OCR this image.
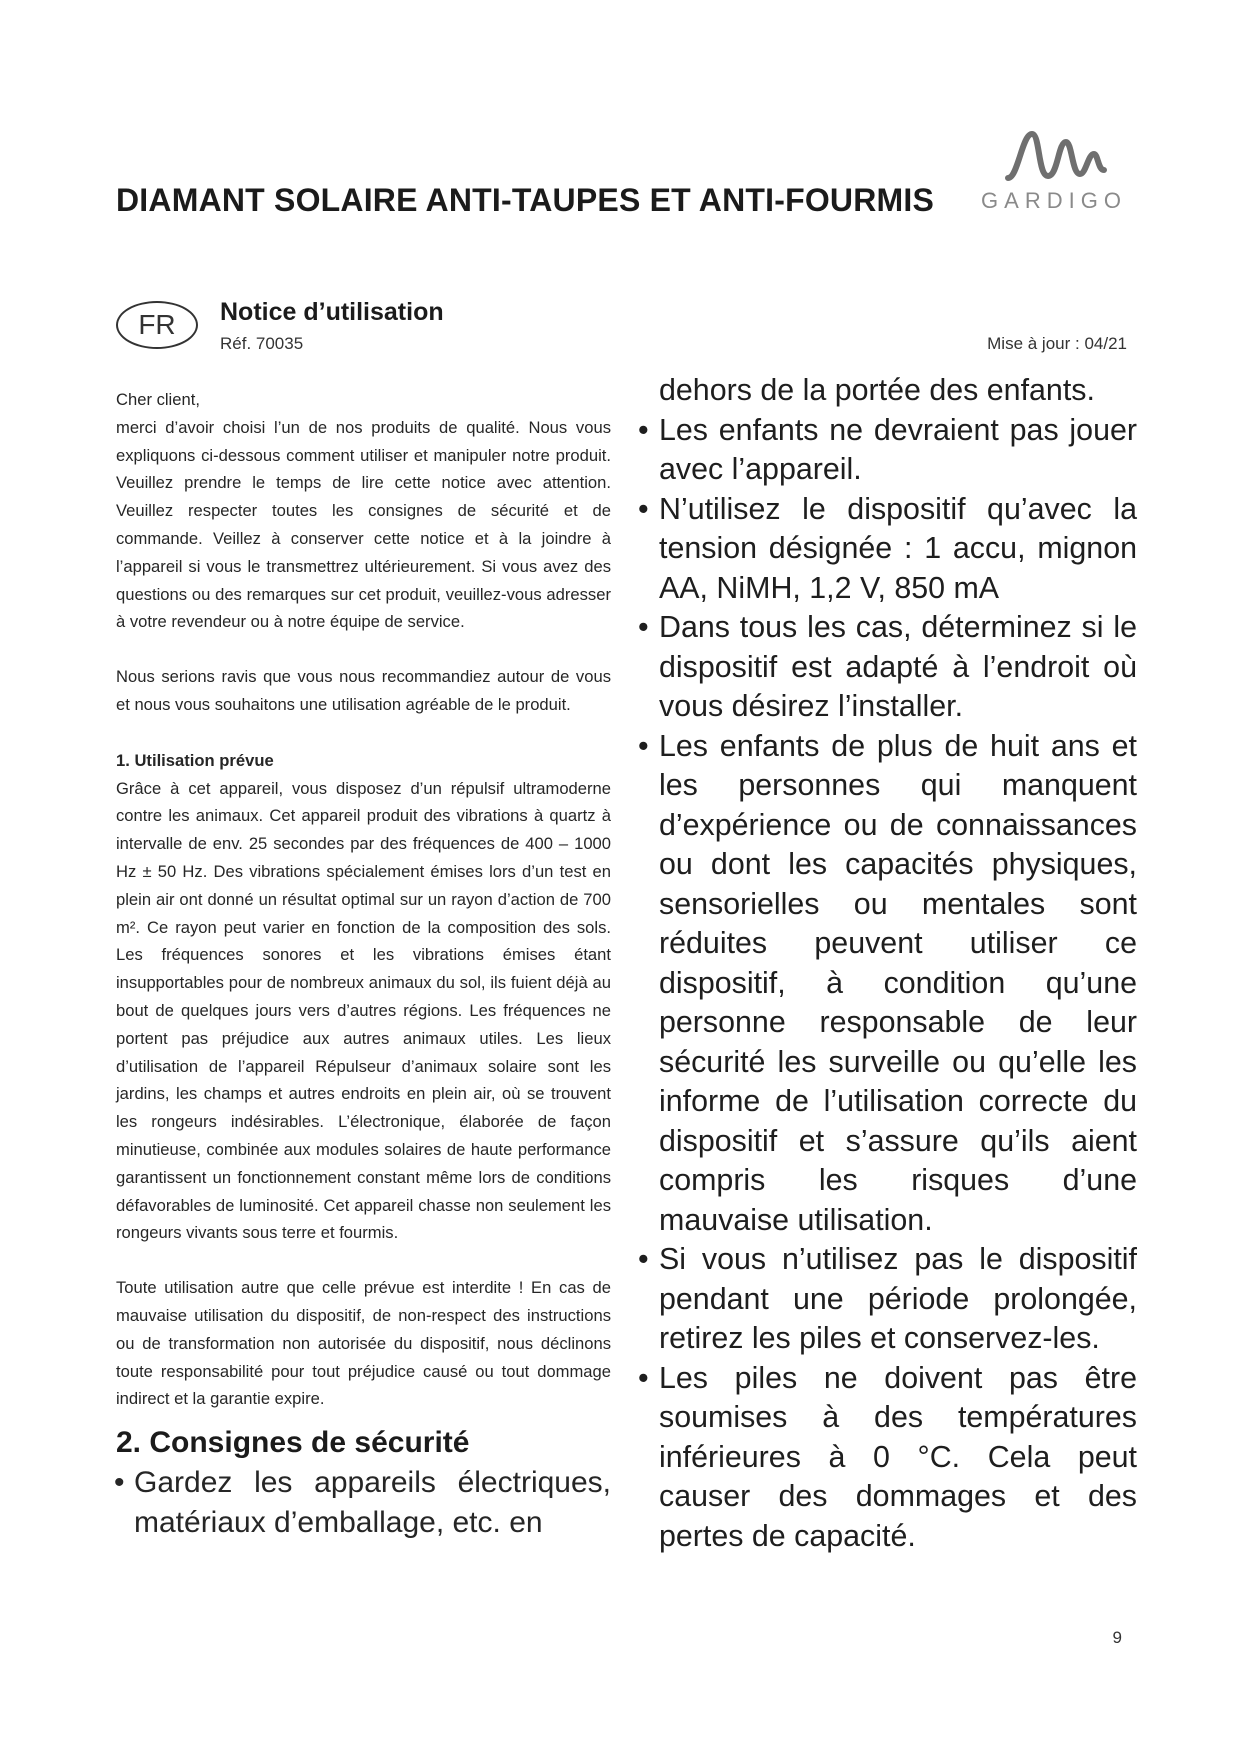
DIAMANT SOLAIRE ANTI-TAUPES ET ANTI-FOURMIS GARDIGO
FR	Notice d’utilisation
Réf. 70035	Mise à jour : 04/21

Cher client,

merci d’avoir choisi l’un de nos produits de qualité. Nous vous expliquons ci-dessous comment utiliser et manipuler notre produit. Veuillez prendre le temps de lire cette notice avec attention. Veuillez respecter toutes les consignes de sécurité et de commande. Veillez à conserver cette notice et à la joindre à l’appareil si vous le transmettrez ultérieurement. Si vous avez des questions ou des remarques sur cet produit, veuillez-vous adresser à votre revendeur ou à notre équipe de service.

Nous serions ravis que vous nous recommandiez autour de vous et nous vous souhaitons une utilisation agréable de le produit.

1. Utilisation prévue

Grâce à cet appareil, vous disposez d’un répulsif ultramoderne contre les animaux. Cet appareil produit des vibrations à quartz à intervalle de env. 25 secondes par des fréquences de 400 – 1000 Hz ± 50 Hz. Des vibrations spécialement émises lors d’un test en plein air ont donné un résultat optimal sur un rayon d’action de 700 m². Ce rayon peut varier en fonction de la composition des sols. Les fréquences sonores et les vibrations émises étant insupportables pour de nombreux animaux du sol, ils fuient déjà au bout de quelques jours vers d’autres régions. Les fréquences ne portent pas préjudice aux autres animaux utiles. Les lieux d’utilisation de l’appareil Répulseur d’animaux solaire sont les jardins, les champs et autres endroits en plein air, où se trouvent les rongeurs indésirables. L’électronique, élaborée de façon minutieuse, combinée aux modules solaires de haute performance garantissent un fonctionnement constant même lors de conditions défavorables de luminosité. Cet appareil chasse non seulement les rongeurs vivants sous terre et fourmis.

Toute utilisation autre que celle prévue est interdite ! En cas de mauvaise utilisation du dispositif, de non-respect des instructions ou de transformation non autorisée du dispositif, nous déclinons toute responsabilité pour tout préjudice causé ou tout dommage indirect et la garantie expire.

2. Consignes de sécurité
• Gardez les appareils électriques, matériaux d’emballage, etc. en

dehors de la portée des enfants.

• Les enfants ne devraient pas jouer avec l’appareil.
• N’utilisez le dispositif qu’avec la tension désignée : 1 accu, mignon AA, NiMH, 1,2 V, 850 mA
• Dans tous les cas, déterminez si le dispositif est adapté à l’endroit où vous désirez l’installer.
• Les enfants de plus de huit ans et les personnes qui manquent d’expérience ou de connaissances ou dont les capacités physiques, sensorielles ou mentales sont réduites peuvent utiliser ce dispositif, à condition qu’une personne responsable de leur sécurité les surveille ou qu’elle les informe de l’utilisation correcte du dispositif et s’assure qu’ils aient compris les risques d’une mauvaise utilisation.
• Si vous n’utilisez pas le dispositif pendant une période prolongée, retirez les piles et conservez-les.
• Les piles ne doivent pas être soumises à des températures inférieures à 0 °C. Cela peut causer des dommages et des pertes de capacité.
9
